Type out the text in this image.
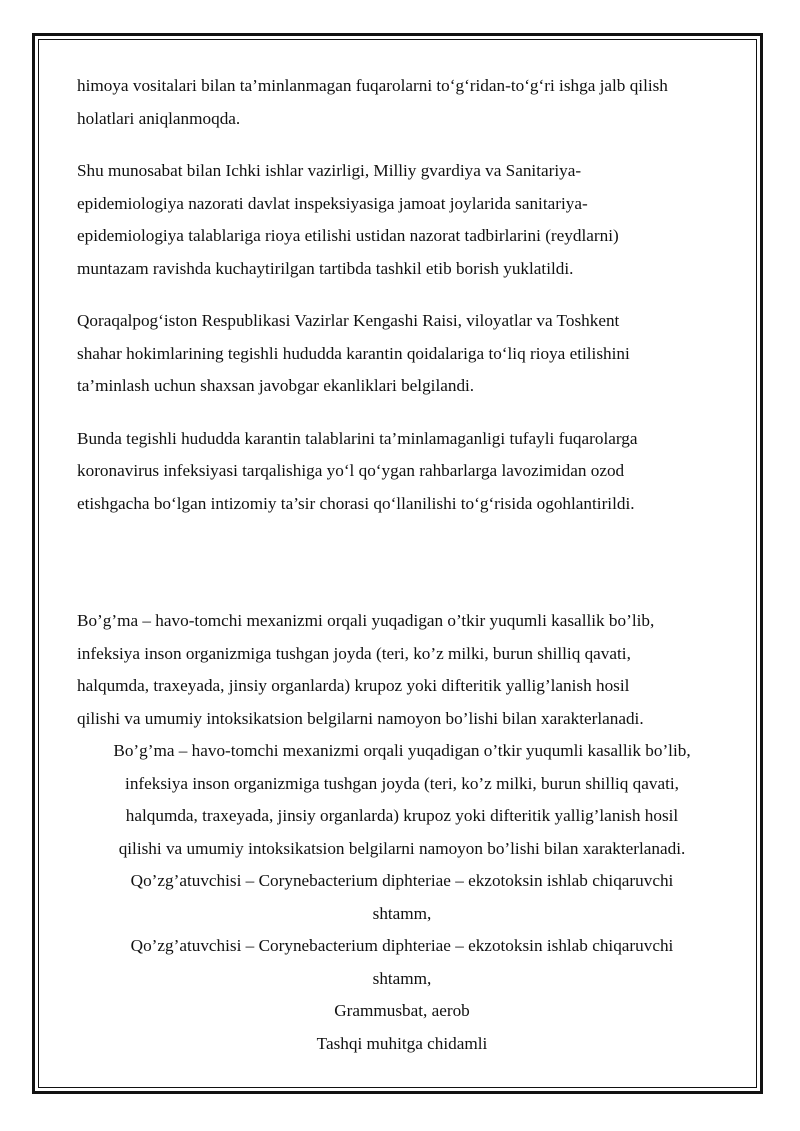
himoya vositalari bilan ta’minlanmagan fuqarolarni to‘g‘ridan-to‘g‘ri ishga jalb qilish
holatlari aniqlanmoqda.

Shu munosabat bilan Ichki ishlar vazirligi, Milliy gvardiya va Sanitariya-
epidemiologiya nazorati davlat inspeksiyasiga jamoat joylarida sanitariya-
epidemiologiya talablariga rioya etilishi ustidan nazorat tadbirlarini (reydlarni)
muntazam ravishda kuchaytirilgan tartibda tashkil etib borish yuklatildi.

Qoraqalpog‘iston Respublikasi Vazirlar Kengashi Raisi, viloyatlar va Toshkent
shahar hokimlarining tegishli hududda karantin qoidalariga to‘liq rioya etilishini
ta’minlash uchun shaxsan javobgar ekanliklari belgilandi.

Bunda tegishli hududda karantin talablarini ta’minlamaganligi tufayli fuqarolarga
koronavirus infeksiyasi tarqalishiga yo‘l qo‘ygan rahbarlarga lavozimidan ozod
etishgacha bo‘lgan intizomiy ta’sir chorasi qo‘llanilishi to‘g‘risida ogohlantirildi.

Bo’g’ma – havo-tomchi mexanizmi orqali yuqadigan o’tkir yuqumli kasallik bo’lib,
infeksiya inson organizmiga tushgan joyda (teri, ko’z milki, burun shilliq qavati,
halqumda, traxeyada, jinsiy organlarda) krupoz yoki difteritik yallig’lanish hosil
qilishi va umumiy intoksikatsion belgilarni namoyon bo’lishi bilan xarakterlanadi.
Bo’g’ma – havo-tomchi mexanizmi orqali yuqadigan o’tkir yuqumli kasallik bo’lib,
infeksiya inson organizmiga tushgan joyda (teri, ko’z milki, burun shilliq qavati,
halqumda, traxeyada, jinsiy organlarda) krupoz yoki difteritik yallig’lanish hosil
qilishi va umumiy intoksikatsion belgilarni namoyon bo’lishi bilan xarakterlanadi.
Qo’zg’atuvchisi – Corynebacterium diphteriae – ekzotoksin ishlab chiqaruvchi
shtamm,
Qo’zg’atuvchisi – Corynebacterium diphteriae – ekzotoksin ishlab chiqaruvchi
shtamm,
Grammusbat, aerob
Tashqi muhitga chidamli
